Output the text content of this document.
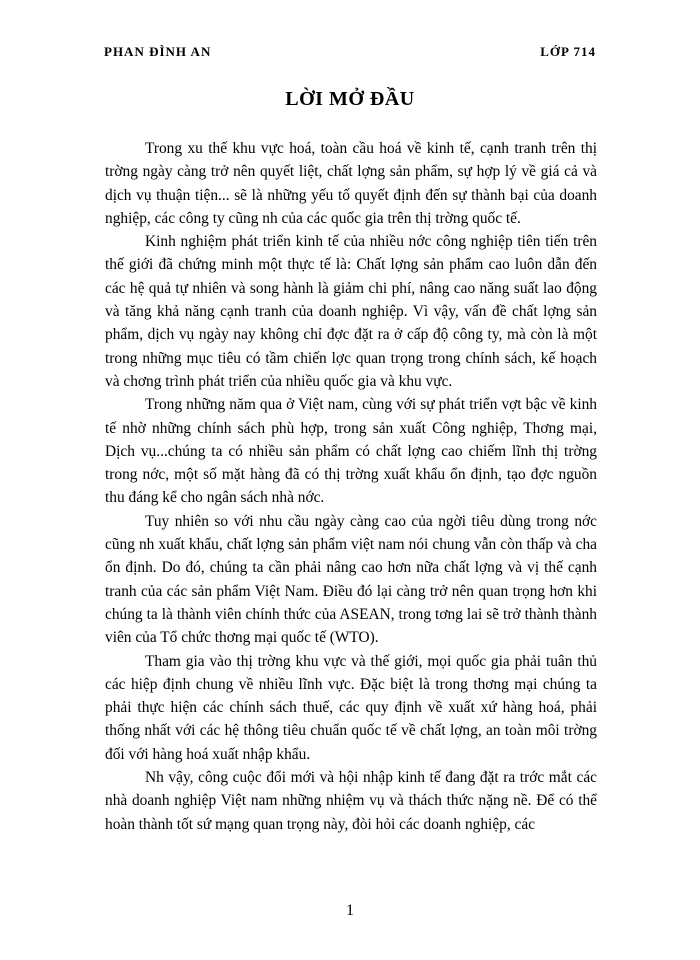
PHAN ĐÌNH AN	LỚP 714
LỜI MỞ ĐẦU

Trong xu thế khu vực hoá, toàn cầu hoá về kinh tế, cạnh tranh trên thị trờng ngày càng trở nên quyết liệt, chất lợng sản phẩm, sự hợp lý về giá cả và dịch vụ thuận tiện... sẽ là những yếu tố quyết định đến sự thành bại của doanh nghiệp, các công ty cũng nh của các quốc gia trên thị trờng quốc tế.

Kinh nghiệm phát triển kinh tế của nhiều nớc công nghiệp tiên tiến trên thế giới đã chứng minh một thực tế là: Chất lợng sản phẩm cao luôn dẫn đến các hệ quả tự nhiên và song hành là giảm chi phí, nâng cao năng suất lao động và tăng khả năng cạnh tranh của doanh nghiệp. Vì vậy, vấn đề chất lợng sản phẩm, dịch vụ ngày nay không chỉ đợc đặt ra ở cấp độ công ty, mà còn là một trong những mục tiêu có tầm chiến lợc quan trọng trong chính sách, kế hoạch và chơng trình phát triển của nhiều quốc gia và khu vực.

Trong những năm qua ở Việt nam, cùng với sự phát triển vợt bậc về kinh tế nhờ những chính sách phù hợp, trong sản xuất Công nghiệp, Thơng mại, Dịch vụ...chúng ta có nhiều sản phẩm có chất lợng cao chiếm lĩnh thị trờng trong nớc, một số mặt hàng đã có thị trờng xuất khẩu ổn định, tạo đợc nguồn thu đáng kể cho ngân sách nhà nớc.

Tuy nhiên so với nhu cầu ngày càng cao của ngời tiêu dùng trong nớc cũng nh xuất khẩu, chất lợng sản phẩm việt nam nói chung vẫn còn thấp và cha ổn định. Do đó, chúng ta cần phải nâng cao hơn nữa chất lợng và vị thế cạnh tranh của các sản phẩm Việt Nam. Điều đó lại càng trở nên quan trọng hơn khi chúng ta là thành viên chính thức của ASEAN, trong tơng lai sẽ trở thành thành viên của Tổ chức thơng mại quốc tế (WTO).

Tham gia vào thị trờng khu vực và thế giới, mọi quốc gia phải tuân thủ các hiệp định chung về nhiều lĩnh vực. Đặc biệt là trong thơng mại chúng ta phải thực hiện các chính sách thuế, các quy định về xuất xứ hàng hoá, phải thống nhất với các hệ thông tiêu chuẩn quốc tế về chất lợng, an toàn môi trờng đối với hàng hoá xuất nhập khẩu.

Nh vậy, công cuộc đổi mới và hội nhập kinh tế đang đặt ra trớc mắt các nhà doanh nghiệp Việt nam những nhiệm vụ và thách thức nặng nề. Để có thể hoàn thành tốt sứ mạng quan trọng này, đòi hỏi các doanh nghiệp, các

1
